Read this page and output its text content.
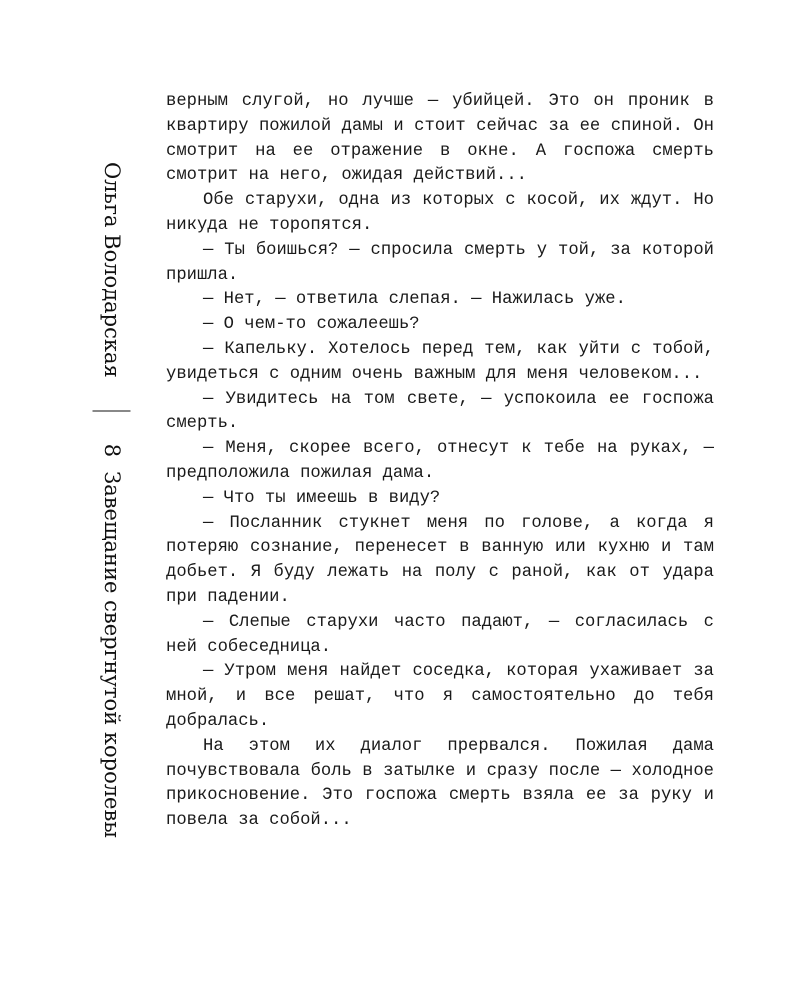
Ольга Володарская
8
Завещание свергнутой королевы

верным слугой, но лучше — убийцей. Это он проник в квартиру пожилой дамы и стоит сейчас за ее спиной. Он смотрит на ее отражение в окне. А госпожа смерть смотрит на него, ожидая действий...

Обе старухи, одна из которых с косой, их ждут. Но никуда не торопятся.

— Ты боишься? — спросила смерть у той, за которой пришла.

— Нет, — ответила слепая. — Нажилась уже.

— О чем-то сожалеешь?

— Капельку. Хотелось перед тем, как уйти с тобой, увидеться с одним очень важным для меня человеком...

— Увидитесь на том свете, — успокоила ее госпожа смерть.

— Меня, скорее всего, отнесут к тебе на руках, — предположила пожилая дама.

— Что ты имеешь в виду?

— Посланник стукнет меня по голове, а когда я потеряю сознание, перенесет в ванную или кухню и там добьет. Я буду лежать на полу с раной, как от удара при падении.

— Слепые старухи часто падают, — согласилась с ней собеседница.

— Утром меня найдет соседка, которая ухаживает за мной, и все решат, что я самостоятельно до тебя добралась.

На этом их диалог прервался. Пожилая дама почувствовала боль в затылке и сразу после — холодное прикосновение. Это госпожа смерть взяла ее за руку и повела за собой...
